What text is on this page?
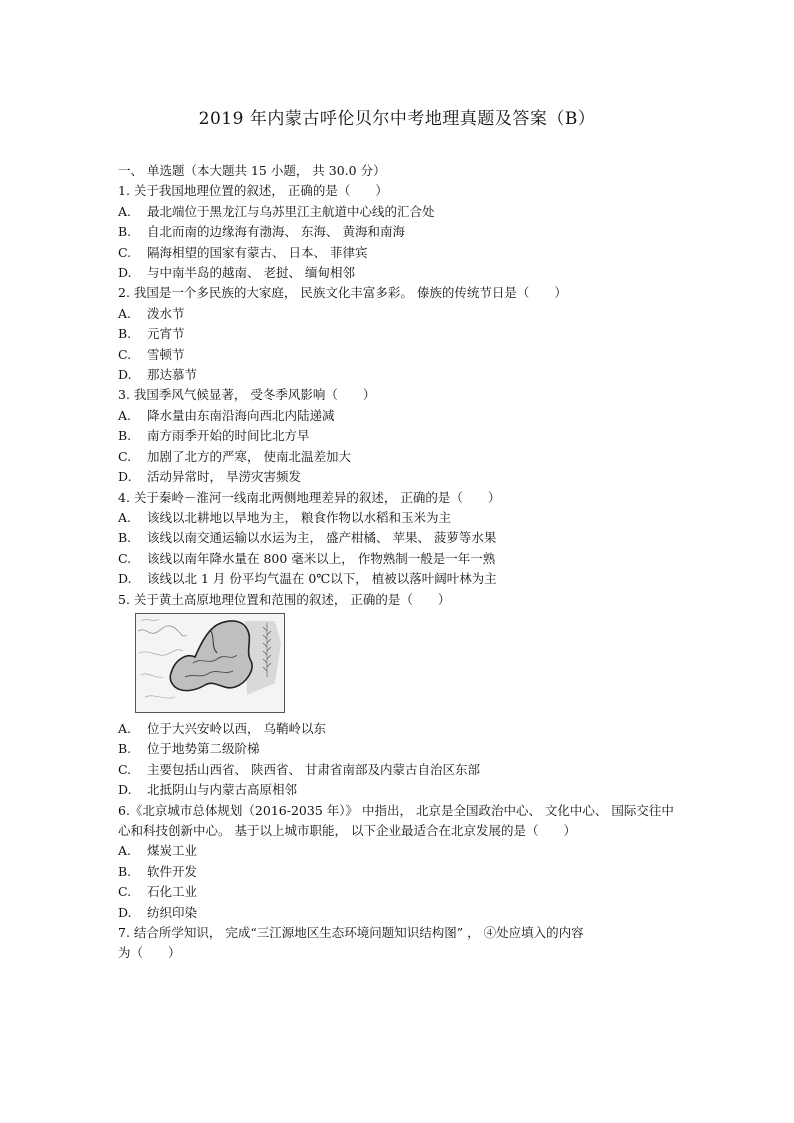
2019 年内蒙古呼伦贝尔中考地理真题及答案（B）
一、 单选题（本大题共 15 小题， 共 30.0 分）
1. 关于我国地理位置的叙述， 正确的是（　　）
A. 最北端位于黑龙江与乌苏里江主航道中心线的汇合处
B. 自北而南的边缘海有渤海、 东海、 黄海和南海
C. 隔海相望的国家有蒙古、 日本、 菲律宾
D. 与中南半岛的越南、 老挝、 缅甸相邻
2. 我国是一个多民族的大家庭， 民族文化丰富多彩。 傣族的传统节日是（　　）
A. 泼水节
B. 元宵节
C. 雪顿节
D. 那达慕节
3. 我国季风气候显著， 受冬季风影响（　　）
A. 降水量由东南沿海向西北内陆递减
B. 南方雨季开始的时间比北方早
C. 加剧了北方的严寒， 使南北温差加大
D. 活动异常时， 旱涝灾害频发
4. 关于秦岭－淮河一线南北两侧地理差异的叙述， 正确的是（　　）
A. 该线以北耕地以旱地为主， 粮食作物以水稻和玉米为主
B. 该线以南交通运输以水运为主， 盛产柑橘、 苹果、 菠萝等水果
C. 该线以南年降水量在 800 毫米以上， 作物熟制一般是一年一熟
D. 该线以北 1 月 份平均气温在 0℃以下， 植被以落叶阔叶林为主
5. 关于黄土高原地理位置和范围的叙述， 正确的是（　　）
A. 位于大兴安岭以西， 乌鞘岭以东
B. 位于地势第二级阶梯
C. 主要包括山西省、 陕西省、 甘肃省南部及内蒙古自治区东部
D. 北抵阴山与内蒙古高原相邻
6.《北京城市总体规划（2016-2035 年）》 中指出， 北京是全国政治中心、 文化中心、 国际交往中心和科技创新中心。 基于以上城市职能， 以下企业最适合在北京发展的是（　　）
A. 煤炭工业
B. 软件开发
C. 石化工业
D. 纺织印染
7. 结合所学知识， 完成“三江源地区生态环境问题知识结构图” ， ④处应填入的内容
为（　　）
